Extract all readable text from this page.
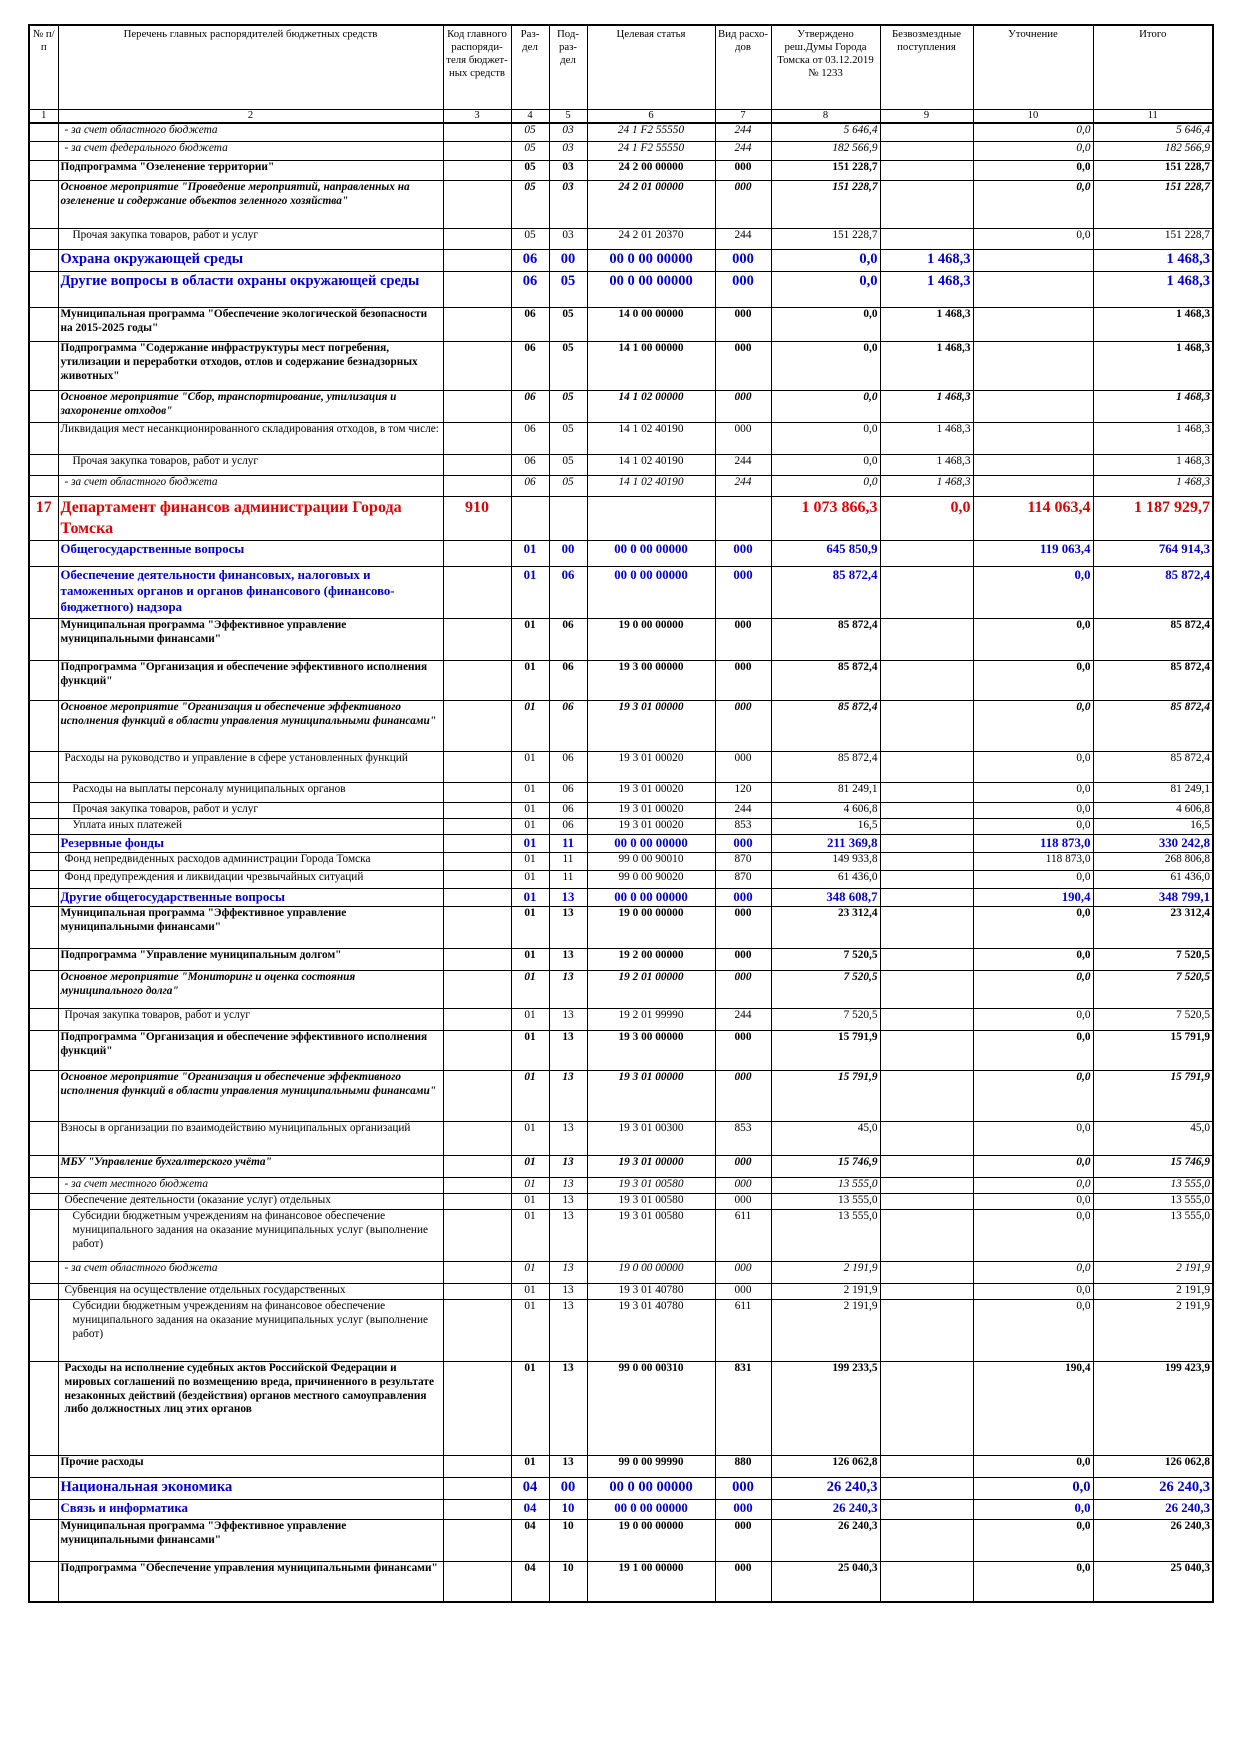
№ п/п	Перечень главных распорядителей бюджетных средств	Код главного распоряди-теля бюджет-ных средств	Раз-дел	Под-раз-дел	Целевая статья	Вид расхо-дов	Утверждено реш.Думы Города Томска от 03.12.2019 № 1233	Безвозмездные поступления	Уточнение	Итого
1	2	3	4	5	6	7	8	9	10	11
	- за счет областного бюджета		05	03	24 1 F2 55550	244	5 646,4		0,0	5 646,4
	- за счет федерального бюджета		05	03	24 1 F2 55550	244	182 566,9		0,0	182 566,9
	Подпрограмма "Озеленение территории"		05	03	24 2 00 00000	000	151 228,7		0,0	151 228,7
	Основное мероприятие "Проведение мероприятий, направленных на озеленение и содержание объектов зеленного хозяйства"		05	03	24 2 01 00000	000	151 228,7		0,0	151 228,7
	Прочая закупка товаров, работ и услуг		05	03	24 2 01 20370	244	151 228,7		0,0	151 228,7
	Охрана окружающей среды		06	00	00 0 00 00000	000	0,0	1 468,3		1 468,3
	Другие вопросы в области охраны окружающей среды		06	05	00 0 00 00000	000	0,0	1 468,3		1 468,3
	Муниципальная программа "Обеспечение экологической безопасности на 2015-2025 годы"		06	05	14 0 00 00000	000	0,0	1 468,3		1 468,3
	Подпрограмма "Содержание инфраструктуры мест погребения, утилизации и переработки отходов, отлов и содержание безнадзорных животных"		06	05	14 1 00 00000	000	0,0	1 468,3		1 468,3
	Основное мероприятие "Сбор, транспортирование, утилизация и захоронение отходов"		06	05	14 1 02 00000	000	0,0	1 468,3		1 468,3
	Ликвидация мест несанкционированного складирования отходов, в том числе:		06	05	14 1 02 40190	000	0,0	1 468,3		1 468,3
	Прочая закупка товаров, работ и услуг		06	05	14 1 02 40190	244	0,0	1 468,3		1 468,3
	- за счет областного бюджета		06	05	14 1 02 40190	244	0,0	1 468,3		1 468,3
17	Департамент финансов администрации Города Томска	910					1 073 866,3	0,0	114 063,4	1 187 929,7
	Общегосударственные вопросы		01	00	00 0 00 00000	000	645 850,9		119 063,4	764 914,3
	Обеспечение деятельности финансовых, налоговых и таможенных органов и органов финансового (финансово-бюджетного) надзора		01	06	00 0 00 00000	000	85 872,4		0,0	85 872,4
	Муниципальная программа "Эффективное управление муниципальными финансами"		01	06	19 0 00 00000	000	85 872,4		0,0	85 872,4
	Подпрограмма "Организация и обеспечение эффективного исполнения функций"		01	06	19 3 00 00000	000	85 872,4		0,0	85 872,4
	Основное мероприятие "Организация и обеспечение эффективного исполнения функций в области управления муниципальными финансами"		01	06	19 3 01 00000	000	85 872,4		0,0	85 872,4
	Расходы на руководство и управление в сфере установленных функций		01	06	19 3 01 00020	000	85 872,4		0,0	85 872,4
	Расходы на выплаты персоналу муниципальных органов		01	06	19 3 01 00020	120	81 249,1		0,0	81 249,1
	Прочая закупка товаров, работ и услуг		01	06	19 3 01 00020	244	4 606,8		0,0	4 606,8
	Уплата иных платежей		01	06	19 3 01 00020	853	16,5		0,0	16,5
	Резервные фонды		01	11	00 0 00 00000	000	211 369,8		118 873,0	330 242,8
	Фонд непредвиденных расходов администрации Города Томска		01	11	99 0 00 90010	870	149 933,8		118 873,0	268 806,8
	Фонд предупреждения и ликвидации чрезвычайных ситуаций		01	11	99 0 00 90020	870	61 436,0		0,0	61 436,0
	Другие общегосударственные вопросы		01	13	00 0 00 00000	000	348 608,7		190,4	348 799,1
	Муниципальная программа "Эффективное управление муниципальными финансами"		01	13	19 0 00 00000	000	23 312,4		0,0	23 312,4
	Подпрограмма "Управление муниципальным долгом"		01	13	19 2 00 00000	000	7 520,5		0,0	7 520,5
	Основное мероприятие "Мониторинг и оценка состояния муниципального долга"		01	13	19 2 01 00000	000	7 520,5		0,0	7 520,5
	Прочая закупка товаров, работ и услуг		01	13	19 2 01 99990	244	7 520,5		0,0	7 520,5
	Подпрограмма "Организация и обеспечение эффективного исполнения функций"		01	13	19 3 00 00000	000	15 791,9		0,0	15 791,9
	Основное мероприятие "Организация и обеспечение эффективного исполнения функций в области управления муниципальными финансами"		01	13	19 3 01 00000	000	15 791,9		0,0	15 791,9
	Взносы в организации по взаимодействию муниципальных организаций		01	13	19 3 01 00300	853	45,0		0,0	45,0
	МБУ "Управление бухгалтерского учёта"		01	13	19 3 01 00000	000	15 746,9		0,0	15 746,9
	- за счет местного бюджета		01	13	19 3 01 00580	000	13 555,0		0,0	13 555,0
	Обеспечение деятельности (оказание услуг) отдельных		01	13	19 3 01 00580	000	13 555,0		0,0	13 555,0
	Субсидии бюджетным учреждениям на финансовое обеспечение муниципального задания на оказание муниципальных услуг (выполнение работ)		01	13	19 3 01 00580	611	13 555,0		0,0	13 555,0
	- за счет областного бюджета		01	13	19 0 00 00000	000	2 191,9		0,0	2 191,9
	Субвенция на осуществление отдельных государственных		01	13	19 3 01 40780	000	2 191,9		0,0	2 191,9
	Субсидии бюджетным учреждениям на финансовое обеспечение муниципального задания на оказание муниципальных услуг (выполнение работ)		01	13	19 3 01 40780	611	2 191,9		0,0	2 191,9
	Расходы на исполнение судебных актов Российской Федерации и мировых соглашений по возмещению вреда, причиненного в результате незаконных действий (бездействия) органов местного самоуправления либо должностных лиц этих органов		01	13	99 0 00 00310	831	199 233,5		190,4	199 423,9
	Прочие расходы		01	13	99 0 00 99990	880	126 062,8		0,0	126 062,8
	Национальная экономика		04	00	00 0 00 00000	000	26 240,3		0,0	26 240,3
	Связь и информатика		04	10	00 0 00 00000	000	26 240,3		0,0	26 240,3
	Муниципальная программа "Эффективное управление муниципальными финансами"		04	10	19 0 00 00000	000	26 240,3		0,0	26 240,3
	Подпрограмма "Обеспечение управления муниципальными финансами"		04	10	19 1 00 00000	000	25 040,3		0,0	25 040,3
